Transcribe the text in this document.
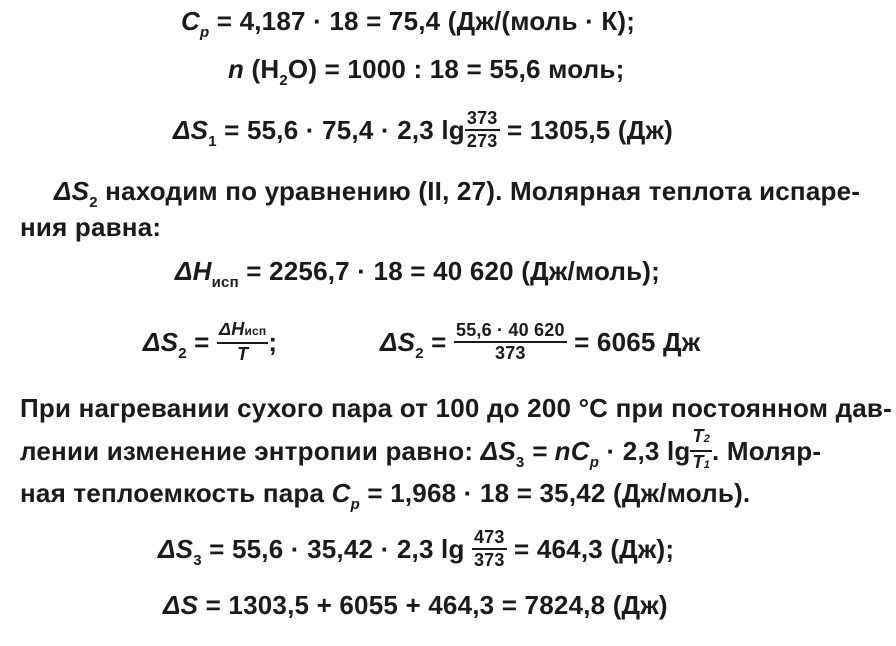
$C_p = 4,187 \cdot 18 = 75,4$ (Дж/(моль · К);
n $(H_2O) = 1000$ : 18 = 55,6 моль;
$\Delta S_1 = 55,6 \cdot 75,4 \cdot 2,3$ $\lg \frac{373}{273} = 1305,5$ (Дж)
$\Delta S_2$ находим по уравнению (II, 27). Молярная теплота испаре-
ния равна:
$\Delta H_{исп} = 2256,7 \cdot 18 = 40$ 620 (Дж/моль);
$\Delta S_2 = \frac{\text{ΔHисп}}{T}$ ;	$\Delta S_2 = \frac{55,6 \cdot 40 620}{373} = 6065$ Дж
При нагревании сухого пара от 100 до 200 °С при постоянном дав-
лении изменение энтропии равно: $\Delta S_3 = nC_p \cdot 2,3$ $\lg \frac{T2}{T1}$ . Моляр-
ная теплоемкость пара $C_p = 1,968 \cdot 18 = 35,42$ (Дж/моль).
$\Delta S_3 = 55,6 \cdot 35,42 \cdot 2,3$ $\lg \frac{473}{373} = 464,3$ (Дж);
ΔS = 1303,5 + 6055 + 464,3 = 7824,8 (Дж)
